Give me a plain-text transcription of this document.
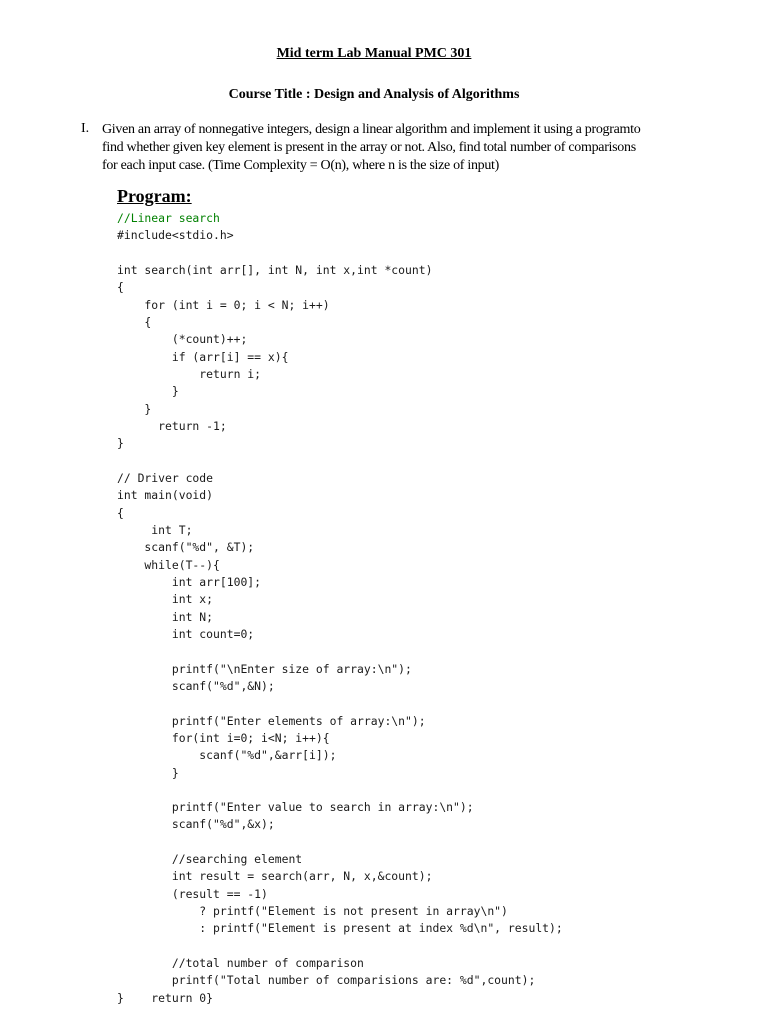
Mid term Lab Manual PMC 301
Course Title : Design and Analysis of Algorithms
I. Given an array of nonnegative integers, design a linear algorithm and implement it using a programto
find whether given key element is present in the array or not. Also, find total number of comparisons
for each input case. (Time Complexity = O(n), where n is the size of input)

Program:
//Linear search
#include<stdio.h>
int search(int arr[], int N, int x,int *count)
{
for (int i = 0; i < N; i++)
{
(*count)++;
if (arr[i] == x){
return i;
}
}
return -1;
}
// Driver code
int main(void)
{
int T;
scanf("%d", &T);
while(T--){
int arr[100];
int x;
int N;
int count=0;
printf("\nEnter size of array:\n");
scanf("%d",&N);
printf("Enter elements of array:\n");
for(int i=0; i<N; i++){
scanf("%d",&arr[i]);
}
printf("Enter value to search in array:\n");
scanf("%d",&x);
//searching element
int result = search(arr, N, x,&count);
(result == -1)
? printf("Element is not present in array\n")
: printf("Element is present at index %d\n", result);
//total number of comparison
printf("Total number of comparisions are: %d",count);
}    return 0}
